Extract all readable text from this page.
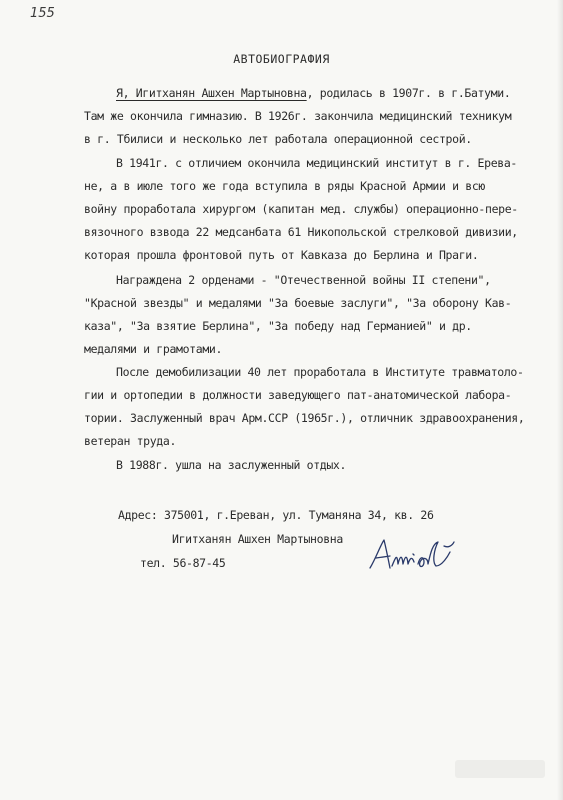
155
АВТОБИОГРАФИЯ
Я, Игитханян Ашхен Мартыновна, родилась в 1907г. в г.Батуми.
Там же окончила гимназию. В 1926г. закончила медицинский техникум
в г. Тбилиси и несколько лет работала операционной сестрой.
В 1941г. с отличием окончила медицинский институт в г. Ерева-
не, а в июле того же года вступила в ряды Красной Армии и всю
войну проработала хирургом (капитан мед. службы) операционно-пере-
вязочного взвода 22 медсанбата 61 Никопольской стрелковой дивизии,
которая прошла фронтовой путь от Кавказа до Берлина и Праги.
Награждена 2 орденами - "Отечественной войны II степени",
"Красной звезды" и медалями "За боевые заслуги", "За оборону Кав-
каза", "За взятие Берлина", "За победу над Германией" и др.
медалями и грамотами.
После демобилизации 40 лет проработала в Институте травматоло-
гии и ортопедии в должности заведующего пат-анатомической лабора-
тории. Заслуженный врач Арм.ССР (1965г.), отличник здравоохранения,
ветеран труда.
В 1988г. ушла на заслуженный отдых.
Адрес: 375001, г.Ереван, ул. Туманяна 34, кв. 26
Игитханян Ашхен Мартыновна
тел. 56-87-45
